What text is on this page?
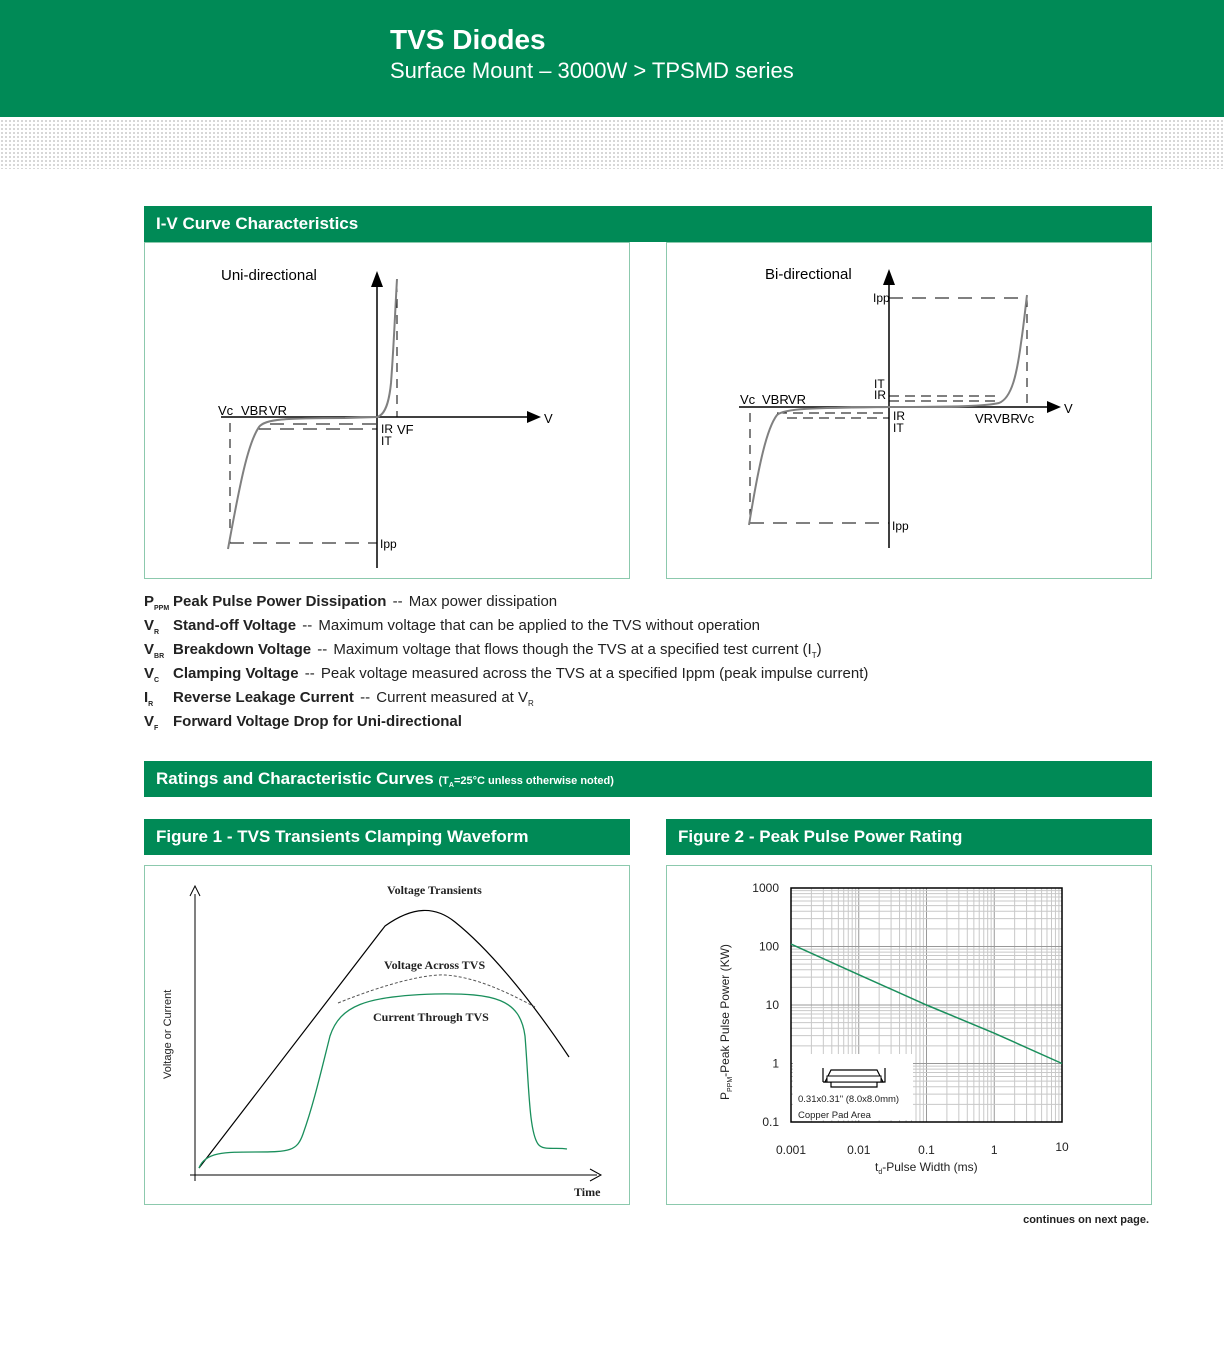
TVS Diodes
Surface Mount – 3000W > TPSMD series
I-V Curve Characteristics
Uni-directional
Vc VBR VR
V
IR
IT
VF
Ipp
Bi-directional
Ipp
IT
IR
Vc VBR VR
V
VR VBR Vc
IR
IT
Ipp
$P_{PPM}$ Peak Pulse Power Dissipation -- Max power dissipation
$V_R$ Stand-off Voltage -- Maximum voltage that can be applied to the TVS without operation
$V_{BR}$ Breakdown Voltage -- Maximum voltage that flows though the TVS at a specified test current $(I_T)$
$V_C$ Clamping Voltage -- Peak voltage measured across the TVS at a specified Ippm (peak impulse current)
$I_R$ Reverse Leakage Current -- Current measured at $V_R$
$V_F$ Forward Voltage Drop for Uni-directional
Ratings and Characteristic Curves ($T_A=25^\circ C$ unless otherwise noted)
Figure 1 - TVS Transients Clamping Waveform	Figure 2 - Peak Pulse Power Rating
Voltage Transients
Voltage Across TVS
Current Through TVS
Time
Voltage or Current
1000
100
10
1
0.1
0.001	0.01	0.1	1	10
0.31x0.31" (8.0x8.0mm)
Copper Pad Area
$P_{PPM}$-Peak Pulse Power (KW)
$t_d$-Pulse Width (ms)
continues on next page.
